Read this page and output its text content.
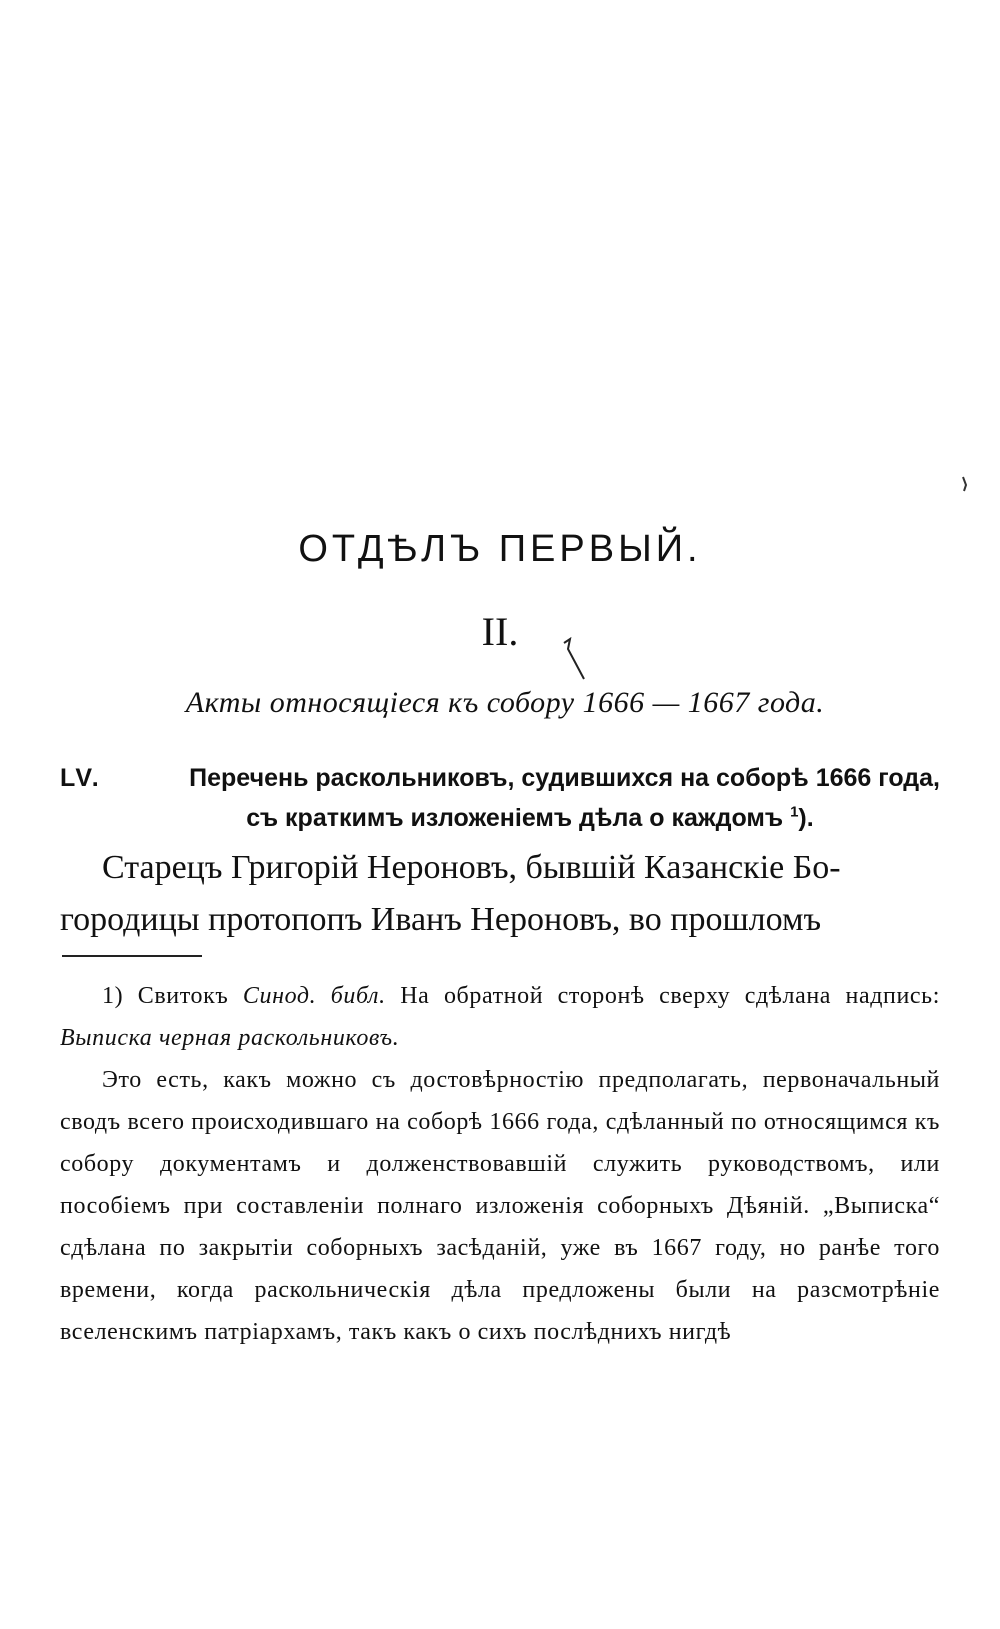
ОТДѢЛЪ ПЕРВЫЙ.
II.
Акты относящіеся къ собору 1666 — 1667 года.
LV.	Перечень раскольниковъ, судившихся на соборѣ 1666 года,
съ краткимъ изложеніемъ дѣла о каждомъ $^1$).
Старецъ Григорій Нероновъ, бывшій Казанскіе Бо-
городицы протопопъ Иванъ Нероновъ, во прошломъ

1) Свитокъ Синод. библ. На обратной сторонѣ сверху сдѣлана надпись: Выписка черная раскольниковъ.

Это есть, какъ можно съ достовѣрностію предполагать, первоначальный сводъ всего происходившаго на соборѣ 1666 года, сдѣланный по относящимся къ собору документамъ и долженствовавшій служить руководствомъ, или пособіемъ при составленіи полнаго изложенія соборныхъ Дѣяній. „Выписка“ сдѣлана по закрытіи соборныхъ засѣданій, уже въ 1667 году, но ранѣе того времени, когда раскольническія дѣла предложены были на разсмотрѣніе вселенскимъ патріархамъ, такъ какъ о сихъ послѣднихъ нигдѣ
